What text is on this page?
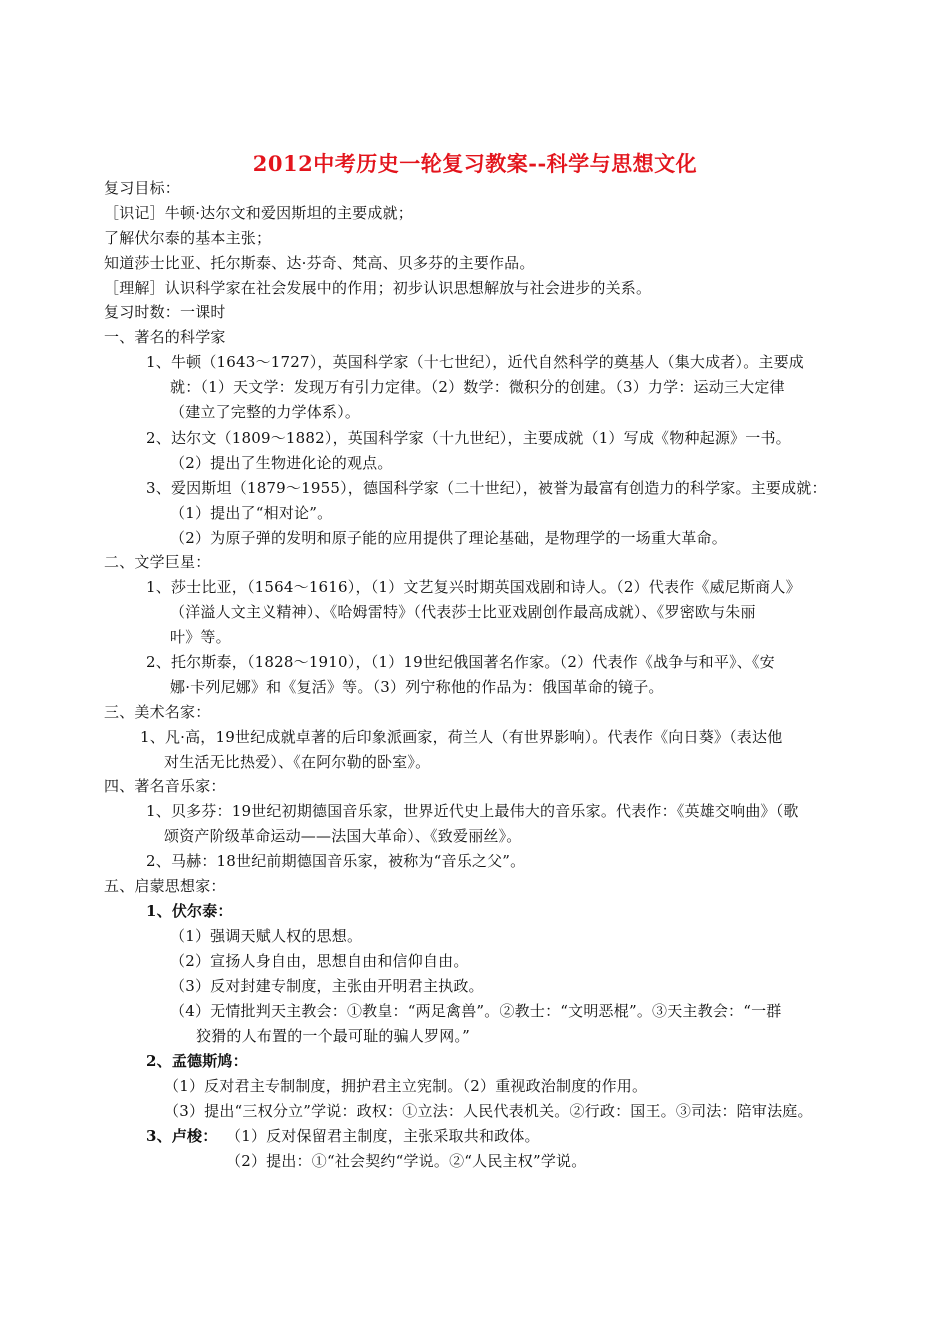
2012中考历史一轮复习教案--科学与思想文化
复习目标：
［识记］牛顿·达尔文和爱因斯坦的主要成就；
了解伏尔泰的基本主张；
知道莎士比亚、托尔斯泰、达·芬奇、梵高、贝多芬的主要作品。
［理解］认识科学家在社会发展中的作用；初步认识思想解放与社会进步的关系。
复习时数：一课时
一、著名的科学家
1、牛顿（1643～1727），英国科学家（十七世纪），近代自然科学的奠基人（集大成者）。主要成
就：（1）天文学：发现万有引力定律。（2）数学：微积分的创建。（3）力学：运动三大定律
（建立了完整的力学体系）。
2、达尔文（1809～1882），英国科学家（十九世纪），主要成就（1）写成《物种起源》一书。
（2）提出了生物进化论的观点。
3、爱因斯坦（1879～1955），德国科学家（二十世纪），被誉为最富有创造力的科学家。主要成就：
（1）提出了“相对论”。
（2）为原子弹的发明和原子能的应用提供了理论基础，是物理学的一场重大革命。
二、文学巨星：
1、莎士比亚，（1564～1616），（1）文艺复兴时期英国戏剧和诗人。（2）代表作《威尼斯商人》
（洋溢人文主义精神）、《哈姆雷特》（代表莎士比亚戏剧创作最高成就）、《罗密欧与朱丽
叶》等。
2、托尔斯泰，（1828～1910），（1）19世纪俄国著名作家。（2）代表作《战争与和平》、《安
娜·卡列尼娜》和《复活》等。（3）列宁称他的作品为：俄国革命的镜子。
三、美术名家：
1、凡·高，19世纪成就卓著的后印象派画家，荷兰人（有世界影响）。代表作《向日葵》（表达他
对生活无比热爱）、《在阿尔勒的卧室》。
四、著名音乐家：
1、贝多芬：19世纪初期德国音乐家，世界近代史上最伟大的音乐家。代表作：《英雄交响曲》（歌
颂资产阶级革命运动——法国大革命）、《致爱丽丝》。
2、马赫：18世纪前期德国音乐家，被称为“音乐之父”。
五、启蒙思想家：
1、伏尔泰：
（1）强调天赋人权的思想。
（2）宣扬人身自由，思想自由和信仰自由。
（3）反对封建专制度，主张由开明君主执政。
（4）无情批判天主教会：①教皇：“两足禽兽”。②教士：“文明恶棍”。③天主教会：“一群
狡猾的人布置的一个最可耻的骗人罗网。”
2、孟德斯鸠：
（1）反对君主专制制度，拥护君主立宪制。（2）重视政治制度的作用。
（3）提出“三权分立”学说：政权：①立法：人民代表机关。②行政：国王。③司法：陪审法庭。
3、卢梭： （1）反对保留君主制度，主张采取共和政体。
（2）提出：①“社会契约“学说。②“人民主权”学说。
